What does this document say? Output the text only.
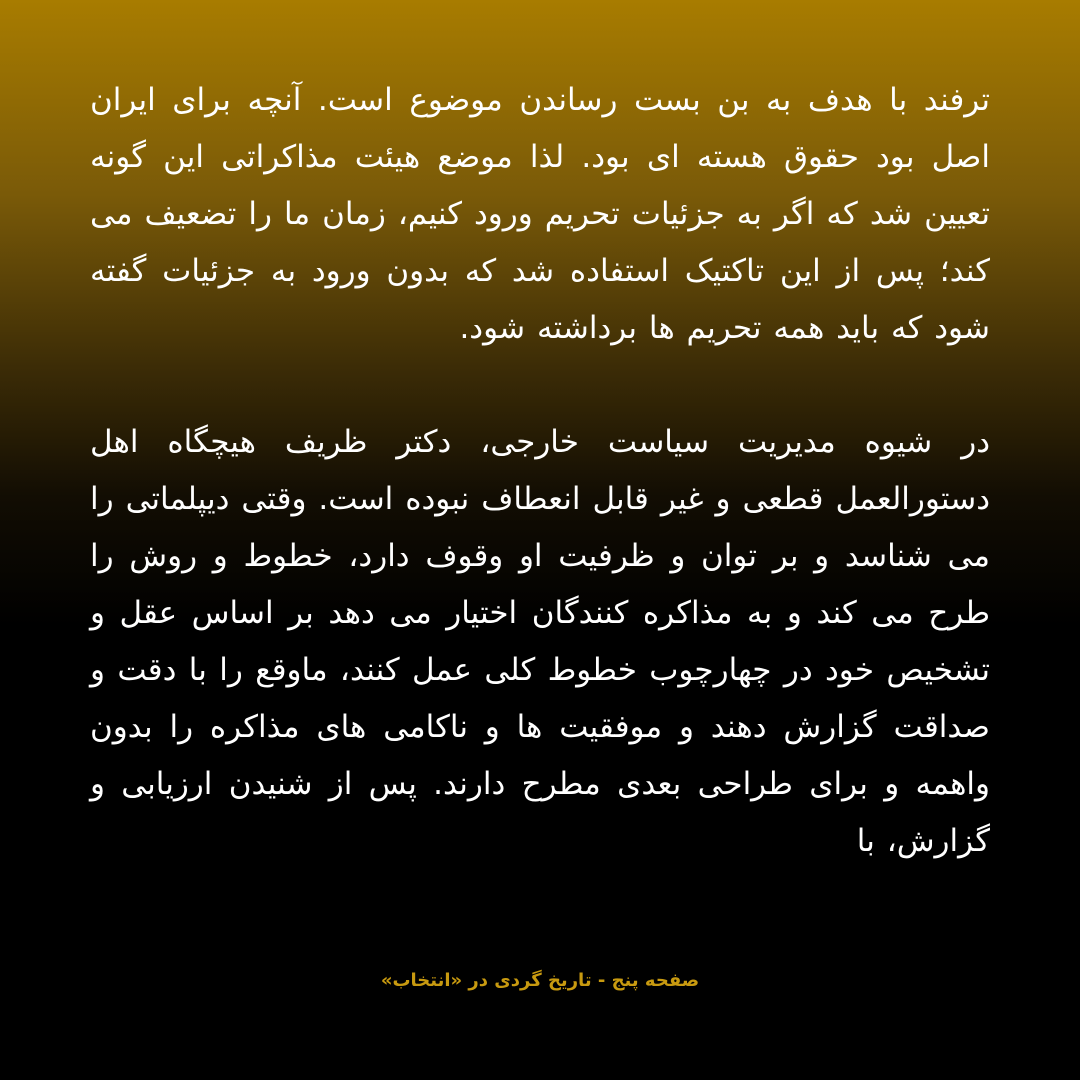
ترفند با هدف به بن بست رساندن موضوع است. آنچه برای ایران اصل بود حقوق هسته ای بود. لذا موضع هیئت مذاکراتی این گونه تعیین شد که اگر به جزئیات تحریم ورود کنیم، زمان ما را تضعیف می کند؛ پس از این تاکتیک استفاده شد که بدون ورود به جزئیات گفته شود که باید همه تحریم ها برداشته شود.

در شیوه مدیریت سیاست خارجی، دکتر ظریف هیچگاه اهل دستورالعمل قطعی و غیر قابل انعطاف نبوده است. وقتی دیپلماتی را می شناسد و بر توان و ظرفیت او وقوف دارد، خطوط و روش را طرح می کند و به مذاکره کنندگان اختیار می دهد بر اساس عقل و تشخیص خود در چهارچوب خطوط کلی عمل کنند، ماوقع را با دقت و صداقت گزارش دهند و موفقیت ها و ناکامی های مذاکره را بدون واهمه و برای طراحی بعدی مطرح دارند. پس از شنیدن ارزیابی و گزارش، با

صفحه پنج - تاریخ گردی در «انتخاب»
